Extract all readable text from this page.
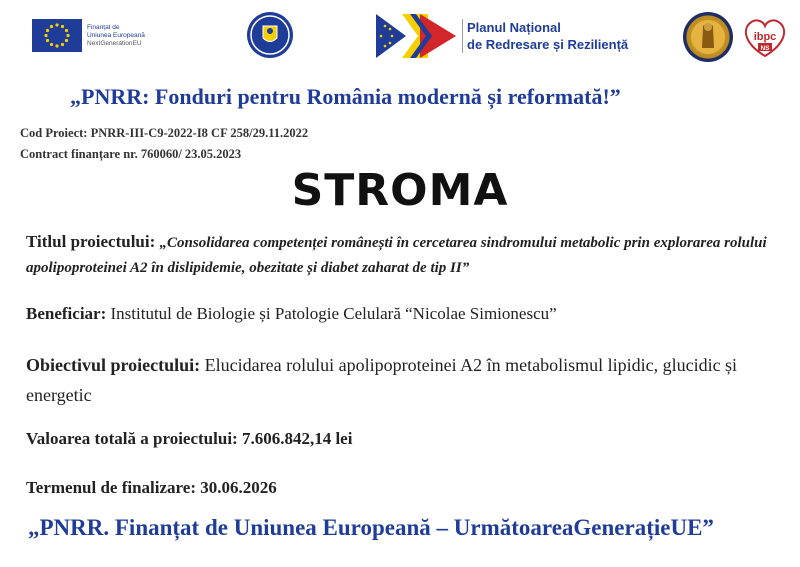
Finanțat de
Uniunea Europeană
NextGenerationEU
Planul Național
de Redresare și Reziliență	ibpc
NS
„PNRR: Fonduri pentru România modernă și reformată!”
Cod Proiect: PNRR-III-C9-2022-I8 CF 258/29.11.2022
Contract finanțare nr. 760060/ 23.05.2023
STROMA
Titlul proiectului: „Consolidarea competenței românești în cercetarea sindromului metabolic prin explorarea rolului apolipoproteinei A2 în dislipidemie, obezitate și diabet zaharat de tip II”
Beneficiar: Institutul de Biologie și Patologie Celulară “Nicolae Simionescu”
Obiectivul proiectului: Elucidarea rolului apolipoproteinei A2 în metabolismul lipidic, glucidic și energetic
Valoarea totală a proiectului: 7.606.842,14 lei
Termenul de finalizare: 30.06.2026
„PNRR. Finanțat de Uniunea Europeană – UrmătoareaGenerațieUE”
